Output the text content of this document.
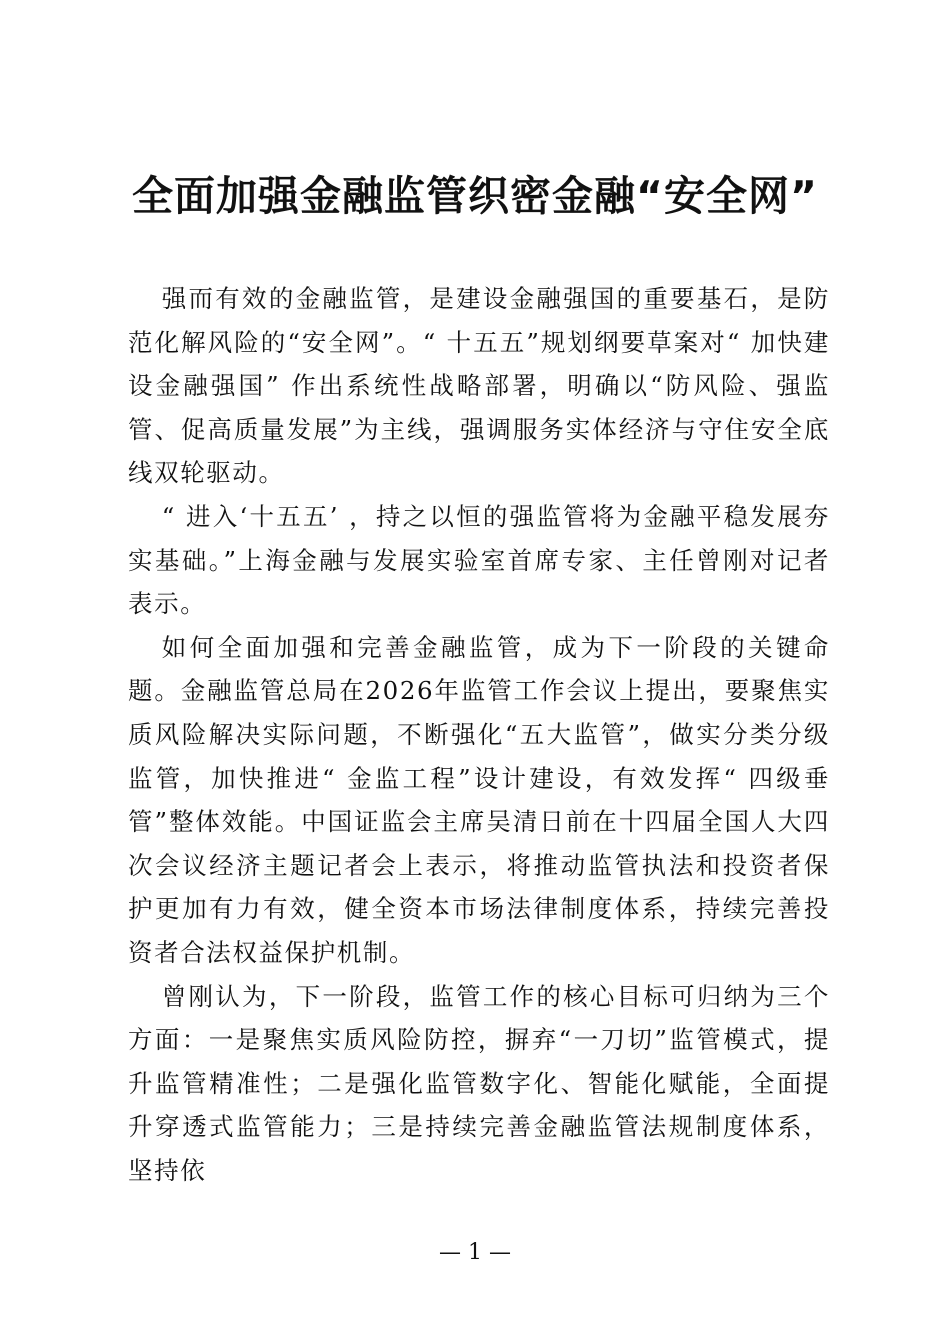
全面加强金融监管织密金融“安全网”

强而有效的金融监管，是建设金融强国的重要基石，是防范化解风险的“安全网”。“ 十五五”规划纲要草案对“ 加快建设金融强国” 作出系统性战略部署，明确以“防风险、强监管、促高质量发展”为主线，强调服务实体经济与守住安全底线双轮驱动。

“ 进入‘十五五’ ，持之以恒的强监管将为金融平稳发展夯实基础。”上海金融与发展实验室首席专家、主任曾刚对记者表示。

如何全面加强和完善金融监管，成为下一阶段的关键命题。金融监管总局在2026年监管工作会议上提出，要聚焦实质风险解决实际问题，不断强化“五大监管”，做实分类分级监管，加快推进“ 金监工程”设计建设，有效发挥“ 四级垂管”整体效能。中国证监会主席吴清日前在十四届全国人大四次会议经济主题记者会上表示，将推动监管执法和投资者保护更加有力有效，健全资本市场法律制度体系，持续完善投资者合法权益保护机制。

曾刚认为，下一阶段，监管工作的核心目标可归纳为三个方面：一是聚焦实质风险防控，摒弃“一刀切”监管模式，提升监管精准性；二是强化监管数字化、智能化赋能，全面提升穿透式监管能力；三是持续完善金融监管法规制度体系，坚持依

— 1 —
